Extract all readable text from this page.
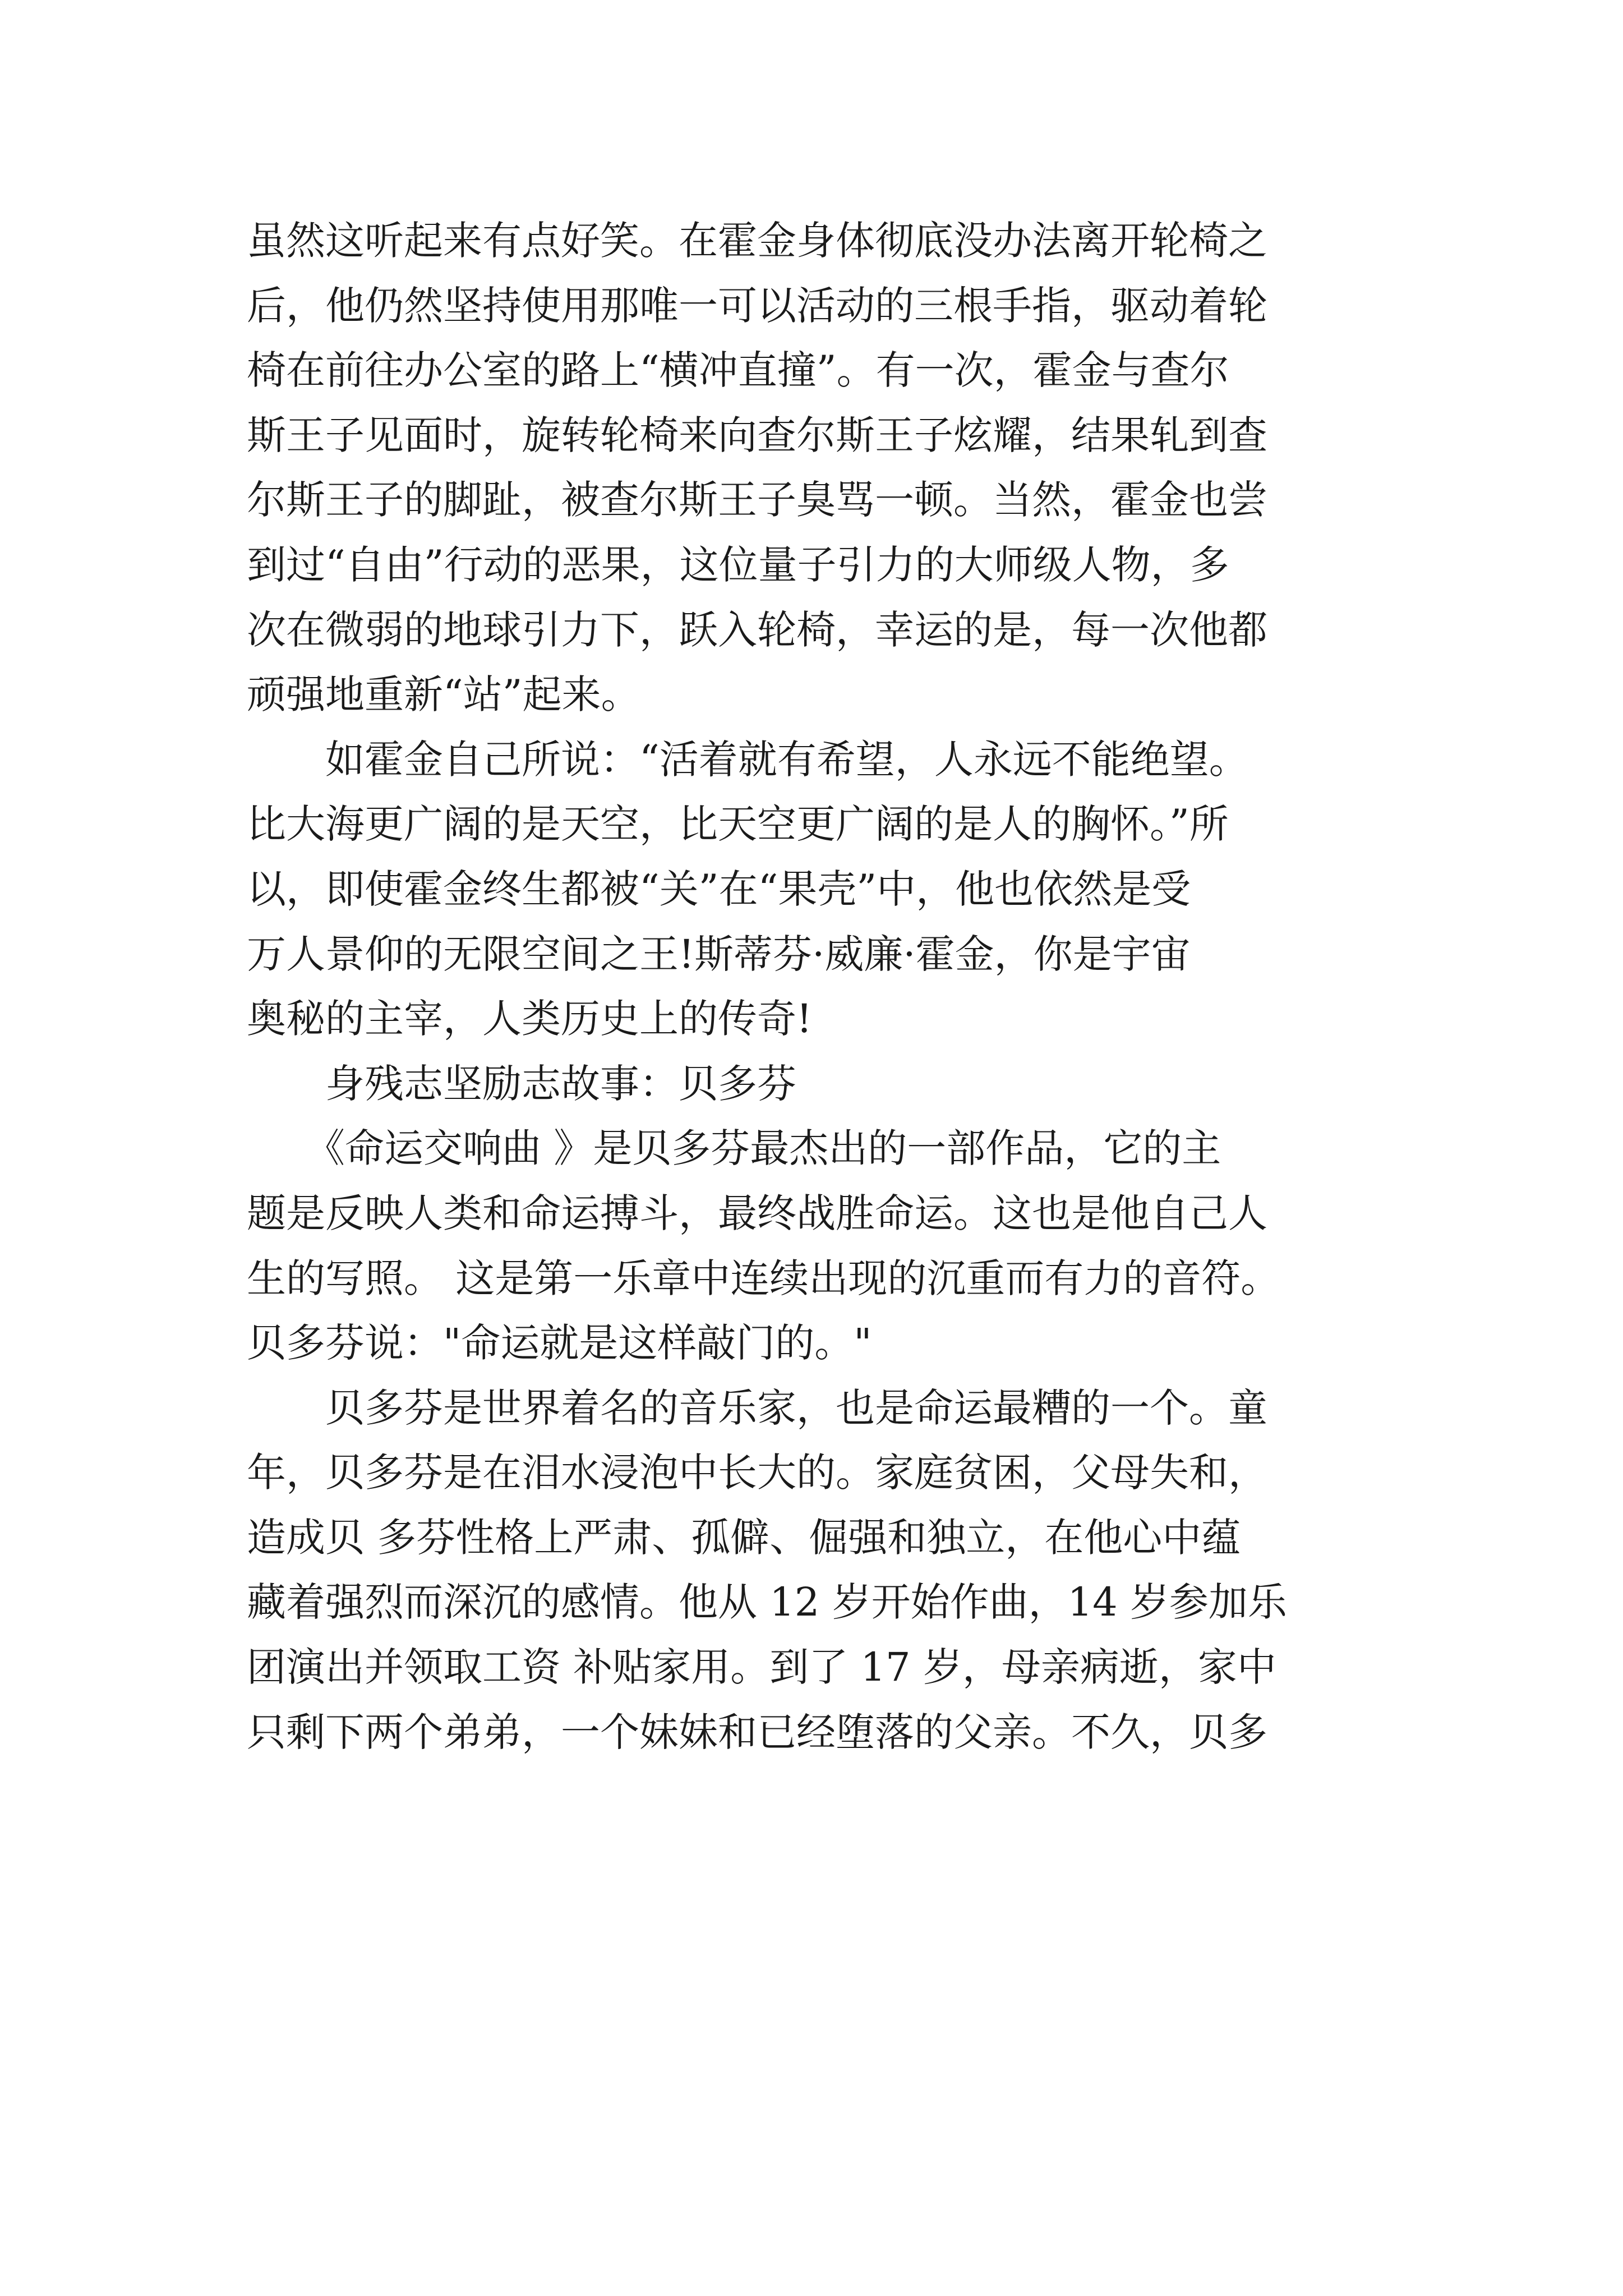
虽然这听起来有点好笑。在霍金身体彻底没办法离开轮椅之
后，他仍然坚持使用那唯一可以活动的三根手指，驱动着轮
椅在前往办公室的路上“横冲直撞”。有一次，霍金与查尔
斯王子见面时，旋转轮椅来向查尔斯王子炫耀，结果轧到查
尔斯王子的脚趾，被查尔斯王子臭骂一顿。当然，霍金也尝
到过“自由”行动的恶果，这位量子引力的大师级人物，多
次在微弱的地球引力下，跃入轮椅，幸运的是，每一次他都
顽强地重新“站”起来。
　　如霍金自己所说：“活着就有希望，人永远不能绝望。
比大海更广阔的是天空，比天空更广阔的是人的胸怀。”所
以，即使霍金终生都被“关”在“果壳”中，他也依然是受
万人景仰的无限空间之王!斯蒂芬·威廉·霍金，你是宇宙
奥秘的主宰，人类历史上的传奇!
　　身残志坚励志故事：贝多芬
　　《命运交响曲 》是贝多芬最杰出的一部作品，它的主
题是反映人类和命运搏斗，最终战胜命运。这也是他自己人
生的写照。 这是第一乐章中连续出现的沉重而有力的音符。
贝多芬说："命运就是这样敲门的。"
　　贝多芬是世界着名的音乐家，也是命运最糟的一个。童
年，贝多芬是在泪水浸泡中长大的。家庭贫困，父母失和，
造成贝 多芬性格上严肃、孤僻、倔强和独立，在他心中蕴
藏着强烈而深沉的感情。他从 12 岁开始作曲，14 岁参加乐
团演出并领取工资 补贴家用。到了 17 岁，母亲病逝，家中
只剩下两个弟弟，一个妹妹和已经堕落的父亲。不久，贝多
